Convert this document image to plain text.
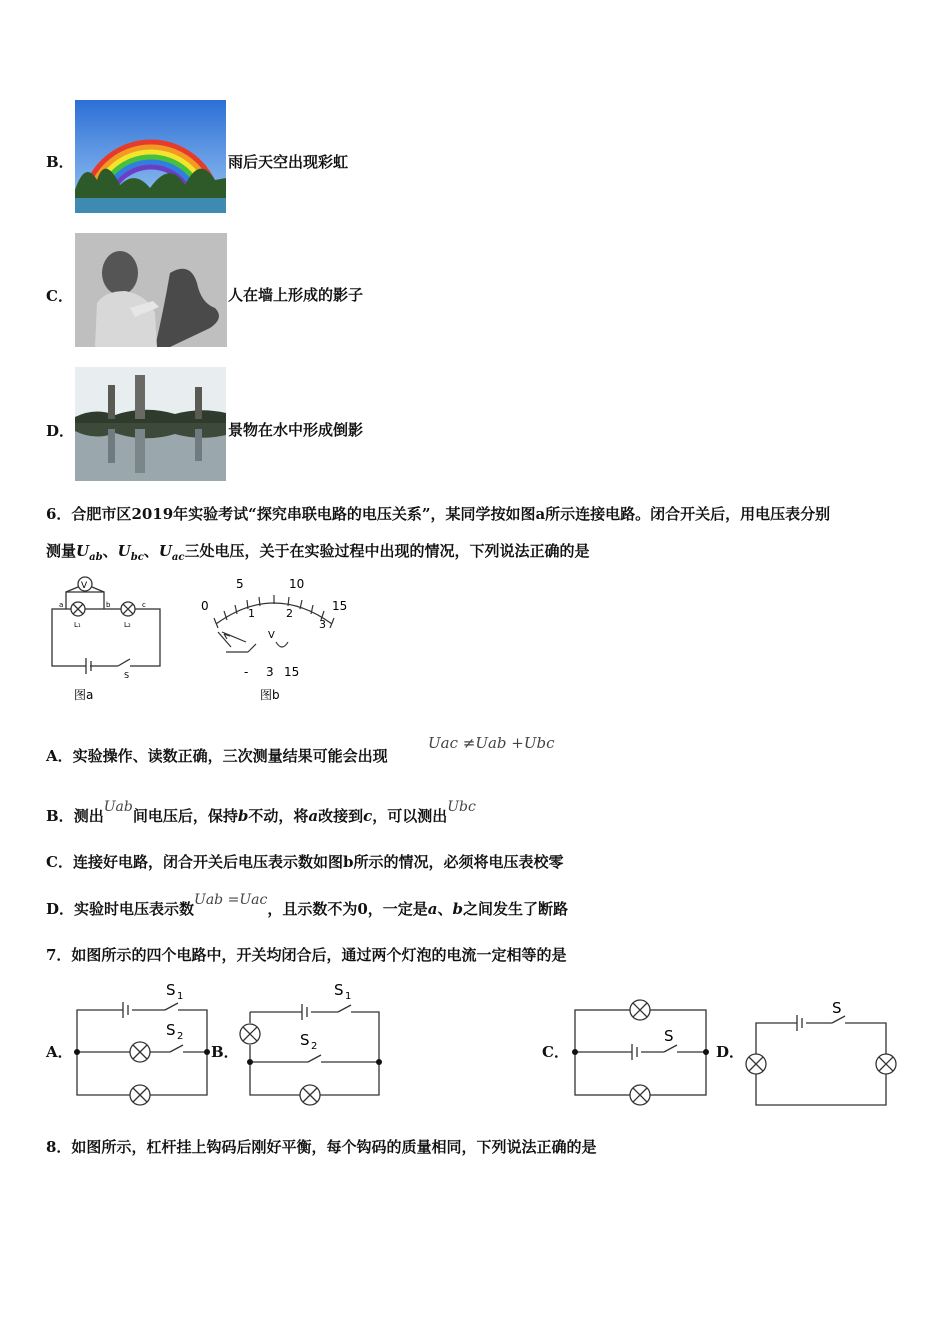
B．	雨后天空出现彩虹
C．	人在墙上形成的影子
D．	景物在水中形成倒影
6．合肥市区2019年实验考试“探究串联电路的电压关系”，某同学按如图a所示连接电路。闭合开关后，用电压表分别
测量$U_{ab}$、$U_{bc}$、$U_{ac}$三处电压，关于在实验过程中出现的情况，下列说法正确的是
V
a	b	c
L₁	L₂
S
图a
5	10
0	15
1	2
3
V
- 3 15
图b
A．实验操作、读数正确，三次测量结果可能会出现
Uac ≠Uab +Ubc
B．测出Uab间电压后，保持b不动，将a改接到c，可以测出Ubc
C．连接好电路，闭合开关后电压表示数如图b所示的情况，必须将电压表校零
D．实验时电压表示数Uab =Uac，且示数不为0，一定是a、b之间发生了断路
7．如图所示的四个电路中，开关均闭合后，通过两个灯泡的电流一定相等的是
A．
S 1
S 2
B．
S 1
S 2	C．
S
D．
S
8．如图所示，杠杆挂上钩码后刚好平衡，每个钩码的质量相同，下列说法正确的是
